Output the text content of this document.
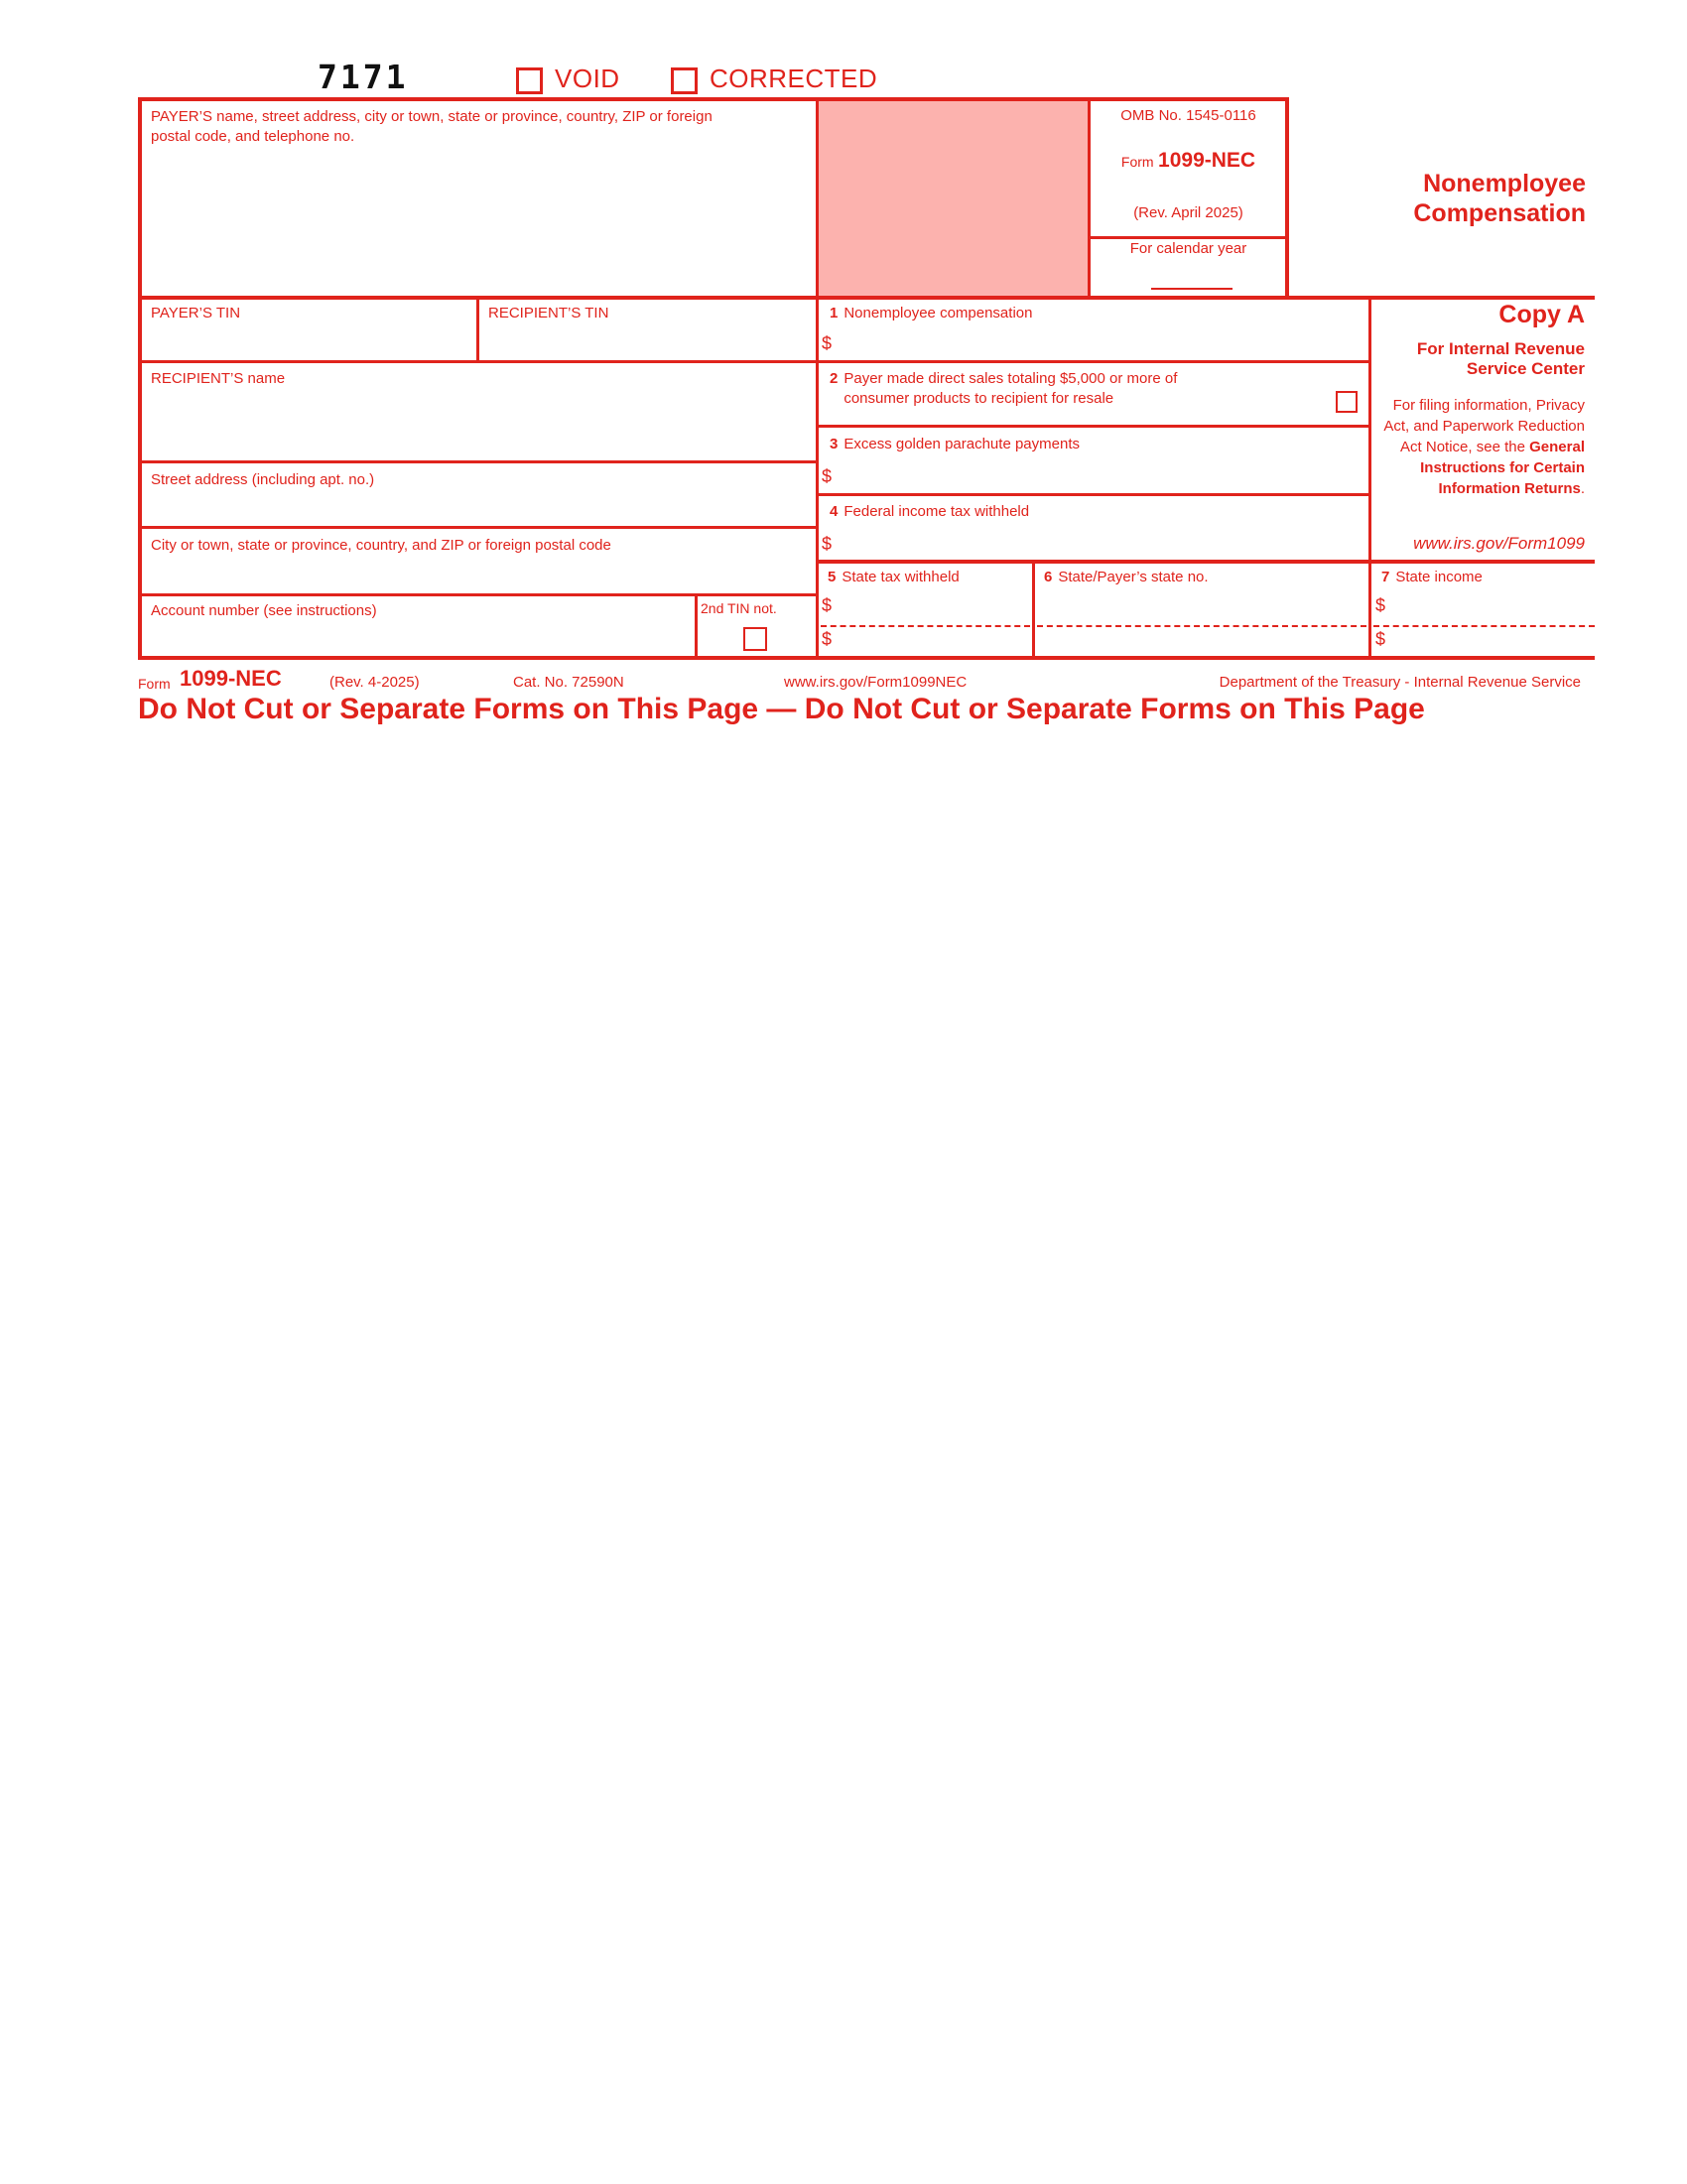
7171	VOID	CORRECTED
PAYER’S name, street address, city or town, state or province, country, ZIP or foreign postal code, and telephone no.
OMB No. 1545-0116
Form 1099-NEC
(Rev. April 2025)
For calendar year
Nonemployee
Compensation
PAYER’S TIN	RECIPIENT’S TIN	1 Nonemployee compensation
$
RECIPIENT’S name	2 Payer made direct sales totaling $5,000 or more of consumer products to recipient for resale
Street address (including apt. no.)
3 Excess golden parachute payments
$
City or town, state or province, country, and ZIP or foreign postal code
4 Federal income tax withheld
$
Account number (see instructions)	2nd TIN not.
5 State tax withheld
$
$
6 State/Payer’s state no.	7 State income
$
$
Copy A
For Internal Revenue Service Center
For filing information, Privacy Act, and Paperwork Reduction Act Notice, see the General Instructions for Certain Information Returns.
www.irs.gov/Form1099
Form 1099-NEC	(Rev. 4-2025)	Cat. No. 72590N	www.irs.gov/Form1099NEC	Department of the Treasury - Internal Revenue Service
Do Not Cut or Separate Forms on This Page — Do Not Cut or Separate Forms on This Page
